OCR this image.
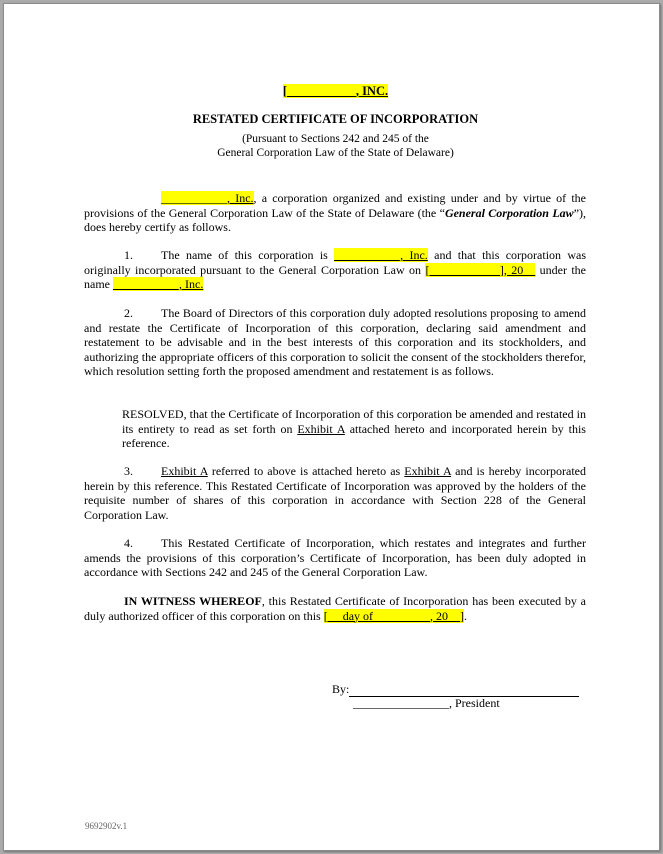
[___________, INC.
RESTATED CERTIFICATE OF INCORPORATION
(Pursuant to Sections 242 and 245 of the
General Corporation Law of the State of Delaware)
___________, Inc., a corporation organized and existing under and by virtue of the provisions of the General Corporation Law of the State of Delaware (the “General Corporation Law”), does hereby certify as follows.
1. The name of this corporation is ___________, Inc. and that this corporation was originally incorporated pursuant to the General Corporation Law on [_________ __], 20__ under the name ___________, Inc.
2. The Board of Directors of this corporation duly adopted resolutions proposing to amend and restate the Certificate of Incorporation of this corporation, declaring said amendment and restatement to be advisable and in the best interests of this corporation and its stockholders, and authorizing the appropriate officers of this corporation to solicit the consent of the stockholders therefor, which resolution setting forth the proposed amendment and restatement is as follows.
RESOLVED, that the Certificate of Incorporation of this corporation be amended and restated in its entirety to read as set forth on Exhibit A attached hereto and incorporated herein by this reference.
3. Exhibit A referred to above is attached hereto as Exhibit A and is hereby incorporated herein by this reference. This Restated Certificate of Incorporation was approved by the holders of the requisite number of shares of this corporation in accordance with Section 228 of the General Corporation Law.
4. This Restated Certificate of Incorporation, which restates and integrates and further amends the provisions of this corporation’s Certificate of Incorporation, has been duly adopted in accordance with Sections 242 and 245 of the General Corporation Law.
IN WITNESS WHEREOF, this Restated Certificate of Incorporation has been executed by a duly authorized officer of this corporation on this [__ day of _________, 20__].
By:
________________, President
9692902v.1
